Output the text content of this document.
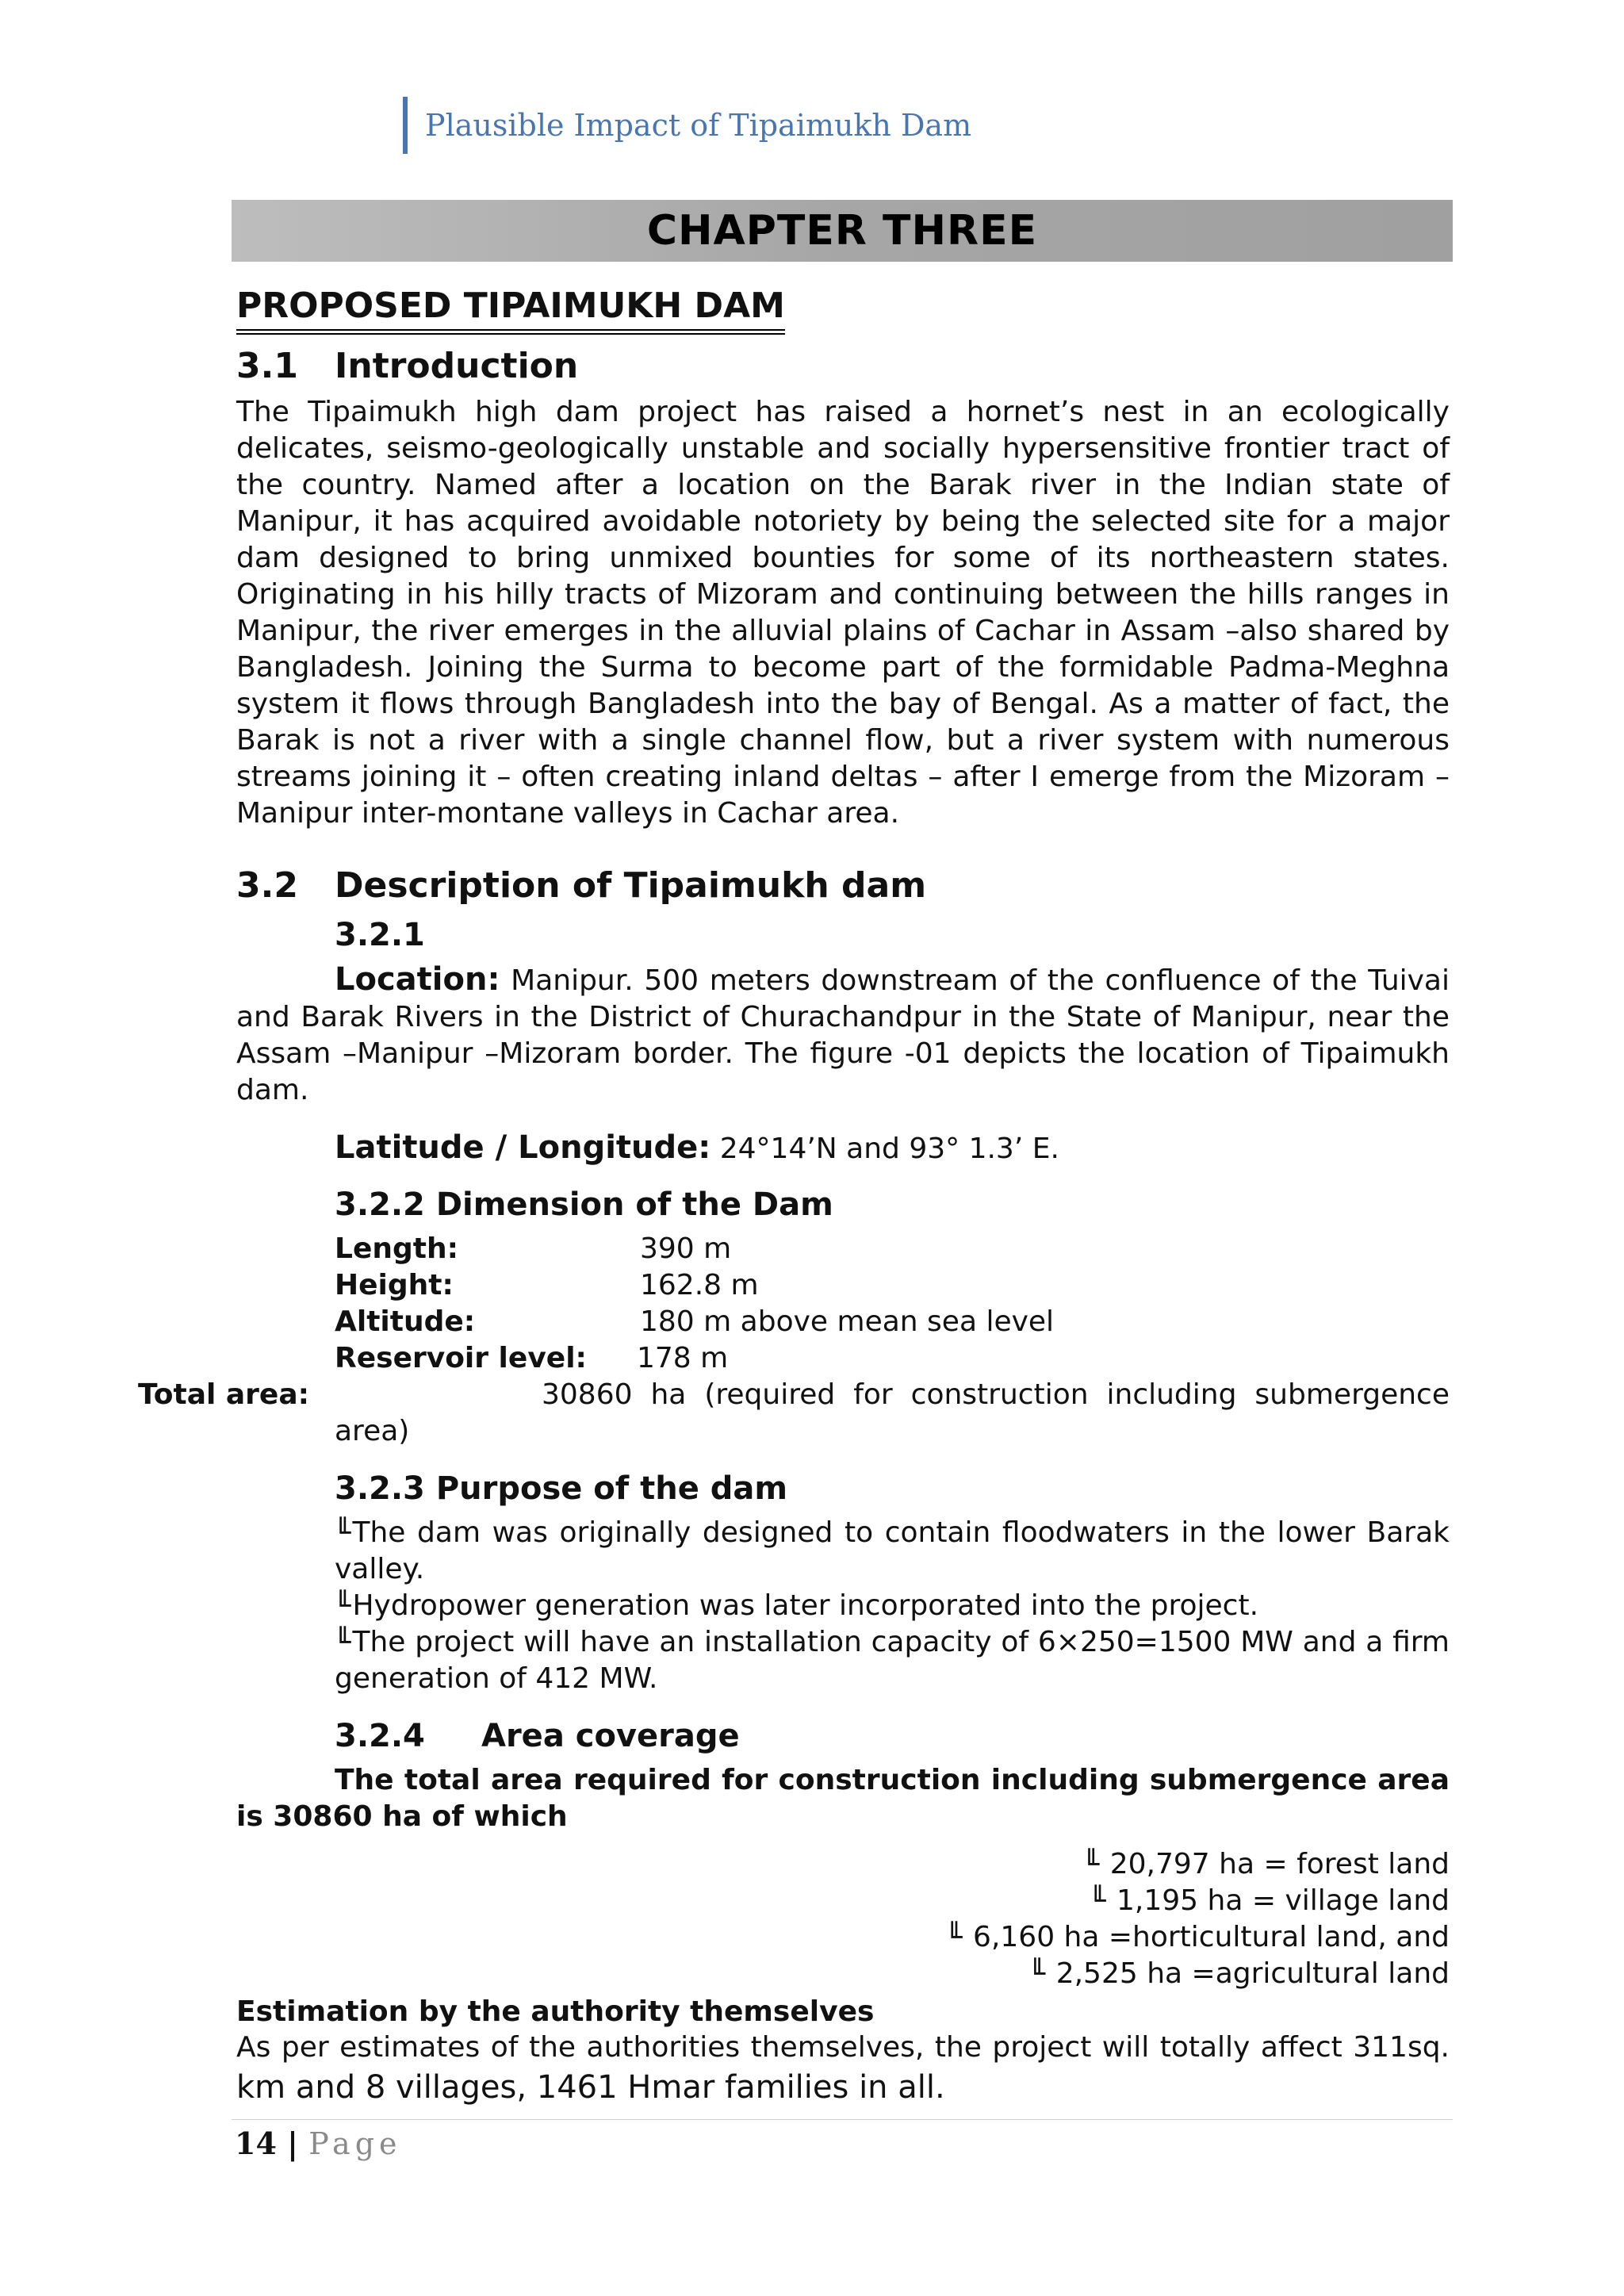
Plausible Impact of Tipaimukh Dam
CHAPTER THREE
PROPOSED TIPAIMUKH DAM
3.1	Introduction

The Tipaimukh high dam project has raised a hornet’s nest in an ecologically delicates, seismo-geologically unstable and socially hypersensitive frontier tract of the country. Named after a location on the Barak river in the Indian state of Manipur, it has acquired avoidable notoriety by being the selected site for a major dam designed to bring unmixed bounties for some of its northeastern states. Originating in his hilly tracts of Mizoram and continuing between the hills ranges in Manipur, the river emerges in the alluvial plains of Cachar in Assam –also shared by Bangladesh. Joining the Surma to become part of the formidable Padma-Meghna system it flows through Bangladesh into the bay of Bengal. As a matter of fact, the Barak is not a river with a single channel flow, but a river system with numerous streams joining it – often creating inland deltas – after I emerge from the Mizoram – Manipur inter-montane valleys in Cachar area.

3.2	Description of Tipaimukh dam
3.2.1

Location: Manipur. 500 meters downstream of the confluence of the Tuivai and Barak Rivers in the District of Churachandpur in the State of Manipur, near the Assam –Manipur –Mizoram border. The figure -01 depicts the location of Tipaimukh dam.

Latitude / Longitude: 24°14’N and 93° 1.3’ E.
3.2.2 Dimension of the Dam
Length:	390 m
Height:	162.8 m
Altitude:	180 m above mean sea level
Reservoir level:	178 m
Total area:	30860 ha (required for construction including submergence area)
3.2.3 Purpose of the dam

╙The dam was originally designed to contain floodwaters in the lower Barak valley.

╙Hydropower generation was later incorporated into the project.

╙The project will have an installation capacity of 6×250=1500 MW and a firm generation of 412 MW.

3.2.4	Area coverage

The total area required for construction including submergence area is 30860 ha of which

╙ 20,797 ha = forest land
╙ 1,195 ha = village land
╙ 6,160 ha =horticultural land, and
╙ 2,525 ha =agricultural land
Estimation by the authority themselves

As per estimates of the authorities themselves, the project will totally affect 311sq. km and 8 villages, 1461 Hmar families in all.

14 | Page
